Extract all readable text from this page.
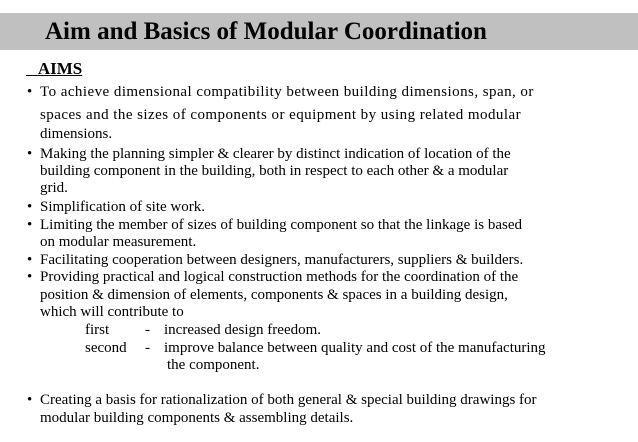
Aim and Basics of Modular Coordination
AIMS
• To achieve dimensional compatibility between building dimensions, span, or
spaces and the sizes of components or equipment by using related modular
dimensions.
• Making the planning simpler & clearer by distinct indication of location of the
building component in the building, both in respect to each other & a modular
grid.
• Simplification of site work.
• Limiting the member of sizes of building component so that the linkage is based
on modular measurement.
• Facilitating cooperation between designers, manufacturers, suppliers & builders.
• Providing practical and logical construction methods for the coordination of the
position & dimension of elements, components & spaces in a building design,
which will contribute to
first - increased design freedom.
second - improve balance between quality and cost of the manufacturing
the component.
• Creating a basis for rationalization of both general & special building drawings for
modular building components & assembling details.
